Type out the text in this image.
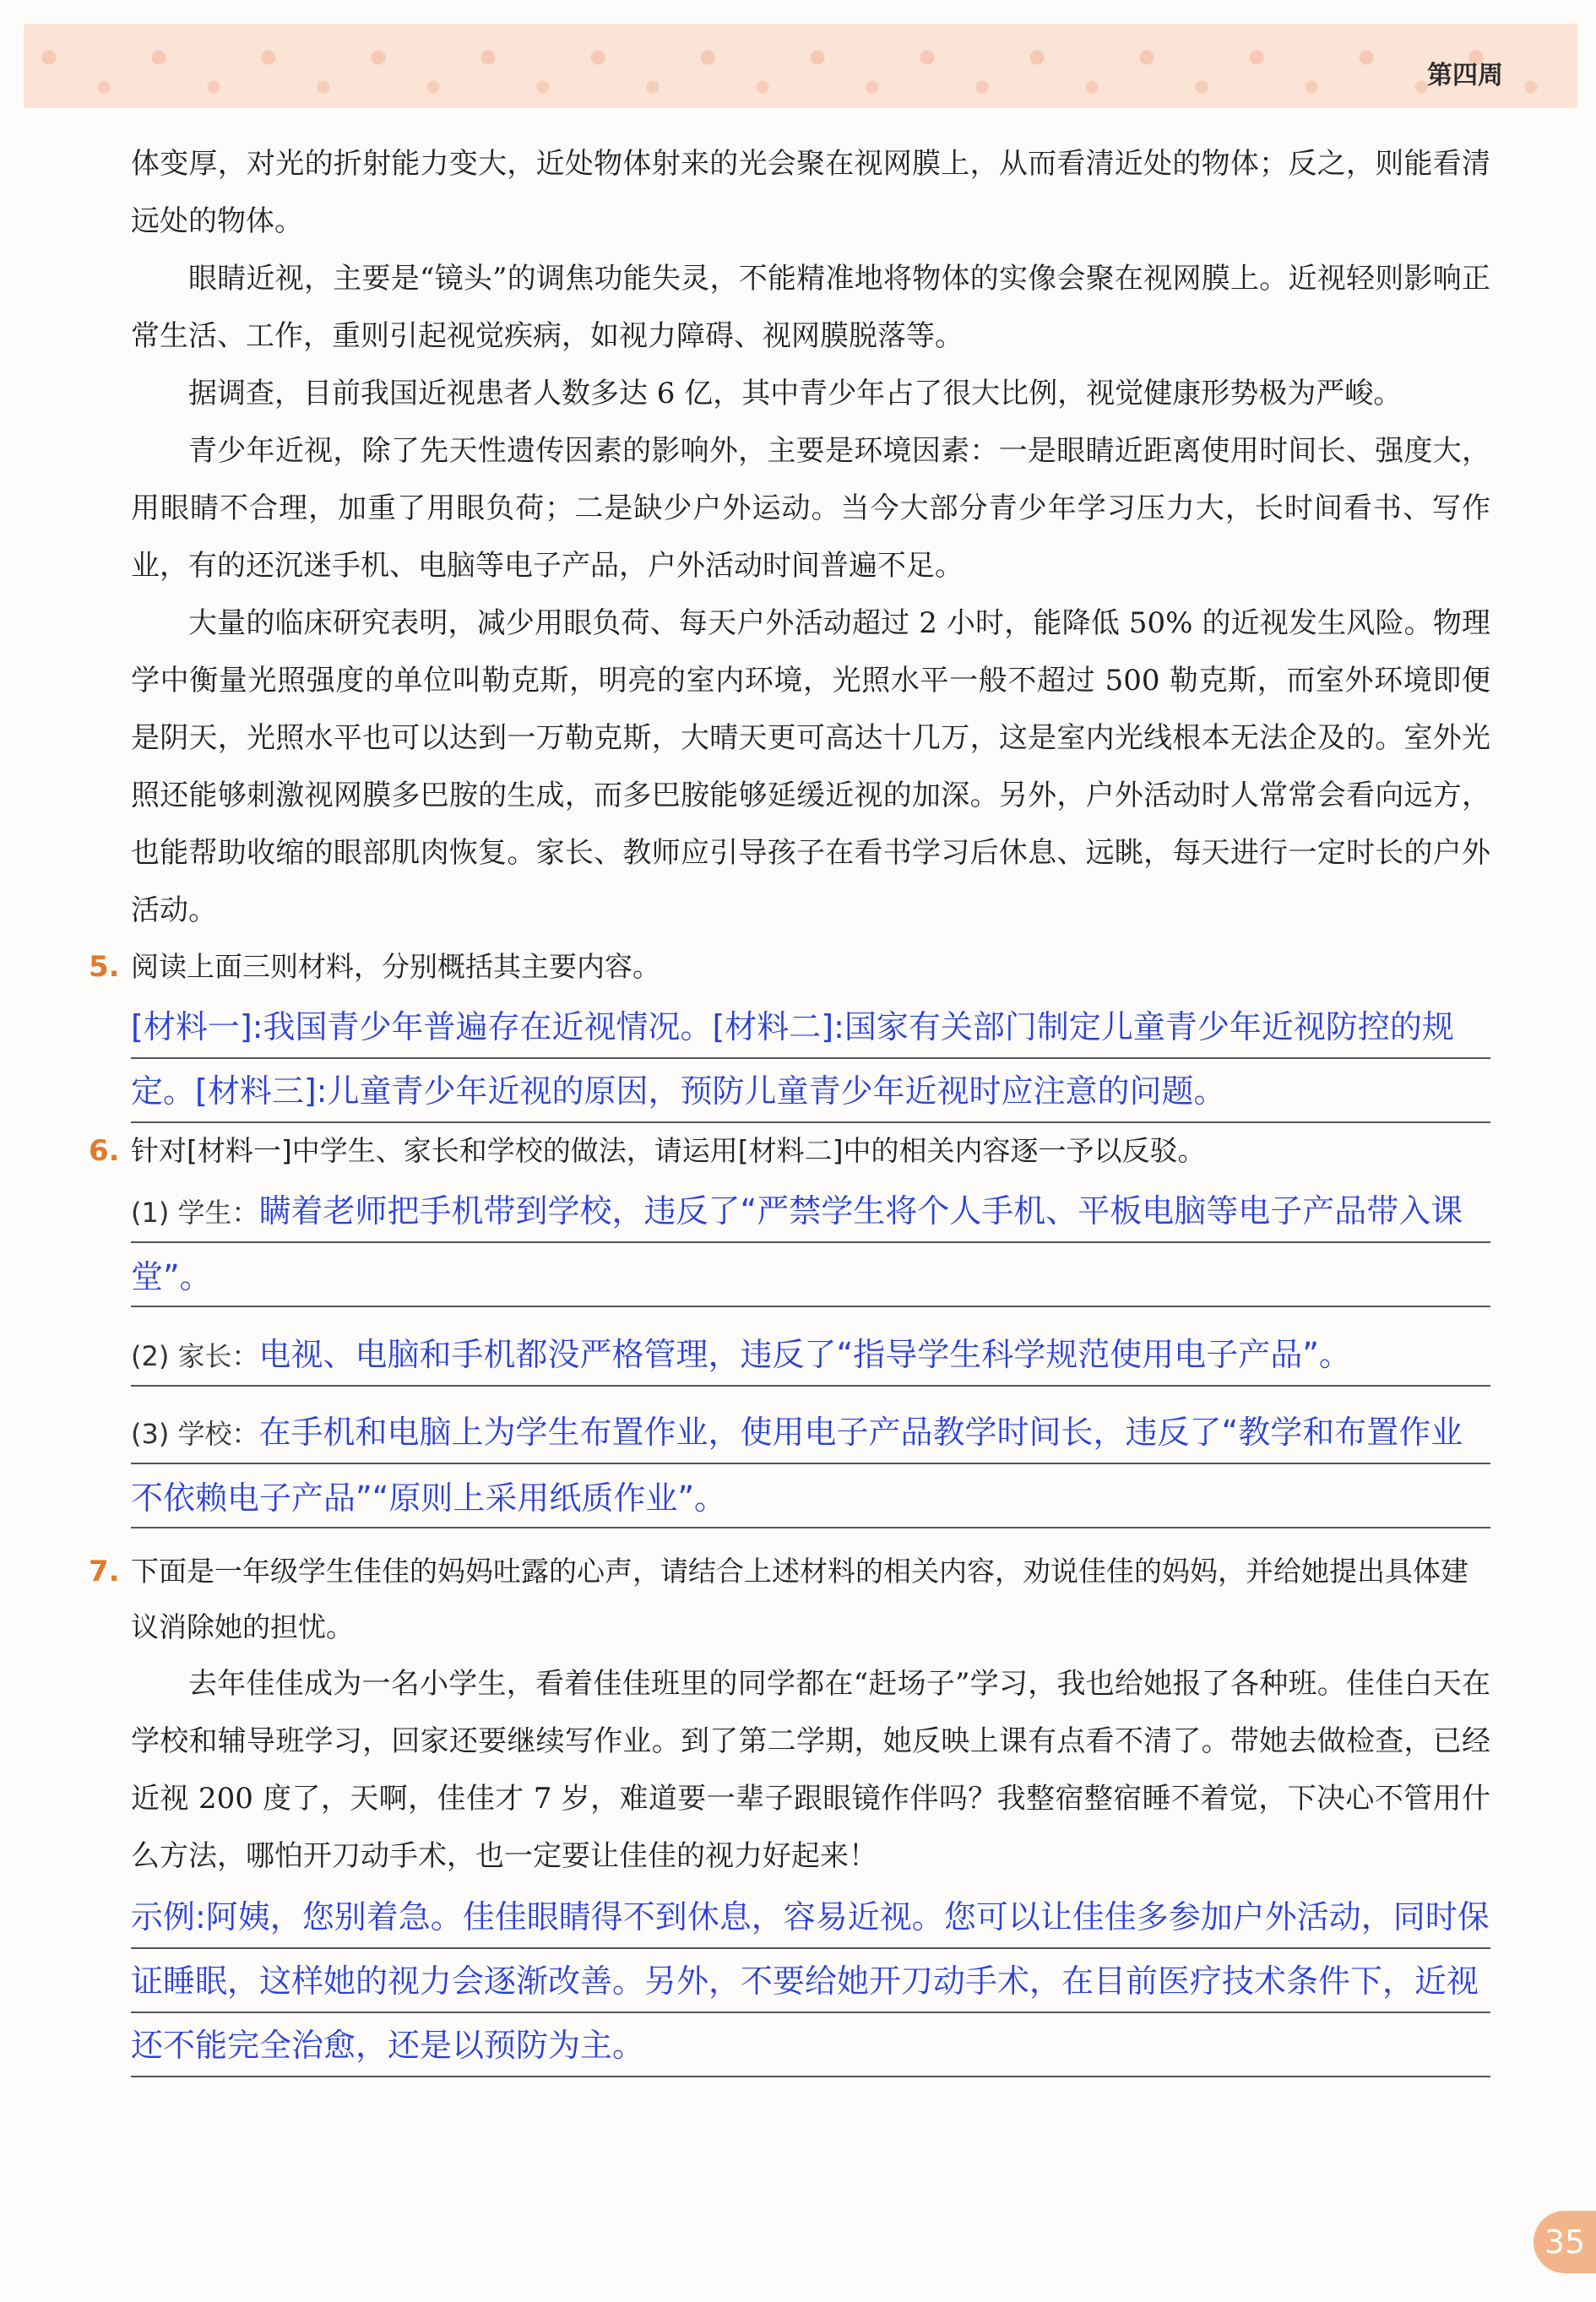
第四周

体变厚，对光的折射能力变大，近处物体射来的光会聚在视网膜上，从而看清近处的物体；反之，则能看清远处的物体。

眼睛近视，主要是“镜头”的调焦功能失灵，不能精准地将物体的实像会聚在视网膜上。近视轻则影响正常生活、工作，重则引起视觉疾病，如视力障碍、视网膜脱落等。

据调查，目前我国近视患者人数多达 6 亿，其中青少年占了很大比例，视觉健康形势极为严峻。

青少年近视，除了先天性遗传因素的影响外，主要是环境因素：一是眼睛近距离使用时间长、强度大，用眼睛不合理，加重了用眼负荷；二是缺少户外运动。当今大部分青少年学习压力大，长时间看书、写作业，有的还沉迷手机、电脑等电子产品，户外活动时间普遍不足。

大量的临床研究表明，减少用眼负荷、每天户外活动超过 2 小时，能降低 50% 的近视发生风险。物理学中衡量光照强度的单位叫勒克斯，明亮的室内环境，光照水平一般不超过 500 勒克斯，而室外环境即便是阴天，光照水平也可以达到一万勒克斯，大晴天更可高达十几万，这是室内光线根本无法企及的。室外光照还能够刺激视网膜多巴胺的生成，而多巴胺能够延缓近视的加深。另外，户外活动时人常常会看向远方，也能帮助收缩的眼部肌肉恢复。家长、教师应引导孩子在看书学习后休息、远眺，每天进行一定时长的户外活动。

5. 阅读上面三则材料，分别概括其主要内容。

[材料一]:我国青少年普遍存在近视情况。[材料二]:国家有关部门制定儿童青少年近视防控的规定。[材料三]:儿童青少年近视的原因，预防儿童青少年近视时应注意的问题。

6. 针对[材料一]中学生、家长和学校的做法，请运用[材料二]中的相关内容逐一予以反驳。

(1) 学生：瞒着老师把手机带到学校，违反了“严禁学生将个人手机、平板电脑等电子产品带入课堂”。

(2) 家长：电视、电脑和手机都没严格管理，违反了“指导学生科学规范使用电子产品”。

(3) 学校：在手机和电脑上为学生布置作业，使用电子产品教学时间长，违反了“教学和布置作业不依赖电子产品”“原则上采用纸质作业”。

7. 下面是一年级学生佳佳的妈妈吐露的心声，请结合上述材料的相关内容，劝说佳佳的妈妈，并给她提出具体建议消除她的担忧。

去年佳佳成为一名小学生，看着佳佳班里的同学都在“赶场子”学习，我也给她报了各种班。佳佳白天在学校和辅导班学习，回家还要继续写作业。到了第二学期，她反映上课有点看不清了。带她去做检查，已经近视 200 度了，天啊，佳佳才 7 岁，难道要一辈子跟眼镜作伴吗？我整宿整宿睡不着觉，下决心不管用什么方法，哪怕开刀动手术，也一定要让佳佳的视力好起来！

示例:阿姨，您别着急。佳佳眼睛得不到休息，容易近视。您可以让佳佳多参加户外活动，同时保证睡眠，这样她的视力会逐渐改善。另外，不要给她开刀动手术，在目前医疗技术条件下，近视还不能完全治愈，还是以预防为主。

35
